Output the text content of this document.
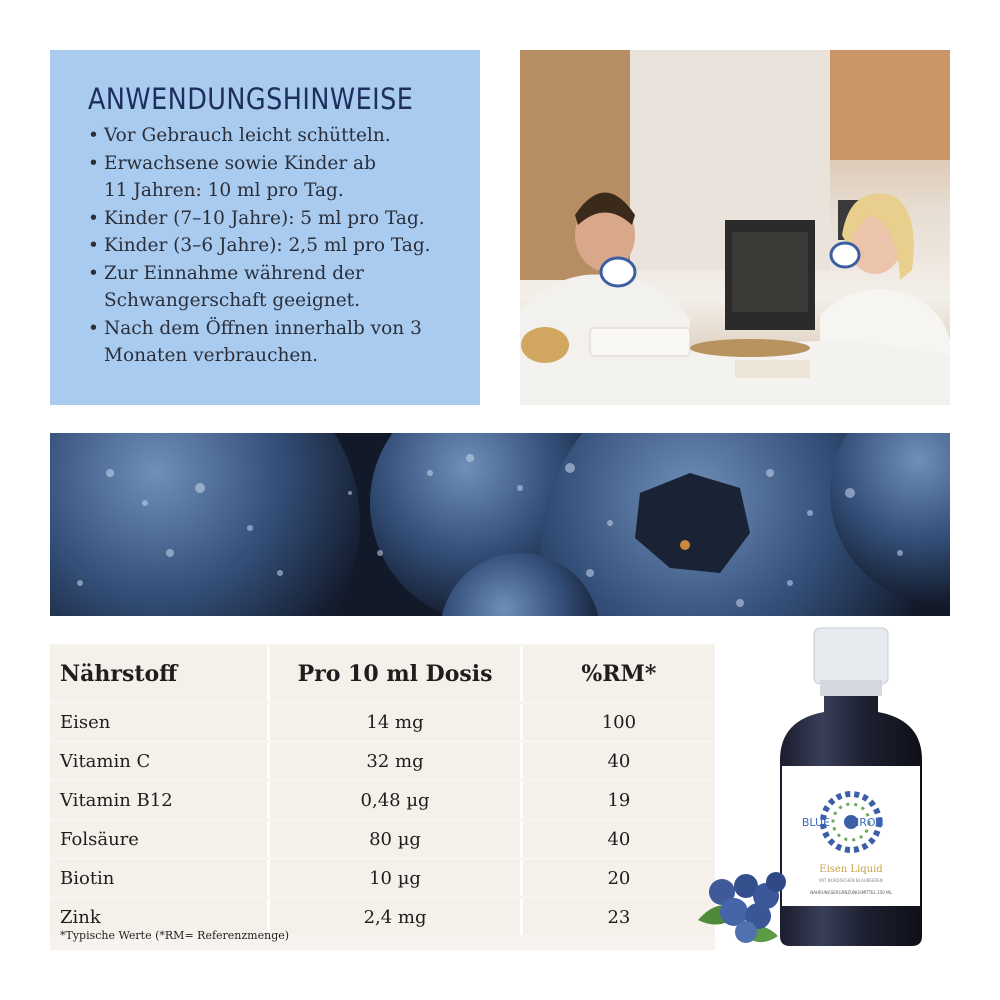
ANWENDUNGSHINWEISE
• Vor Gebrauch leicht schütteln.
• Erwachsene sowie Kinder ab 11 Jahren: 10 ml pro Tag.
• Kinder (7–10 Jahre): 5 ml pro Tag.
• Kinder (3–6 Jahre): 2,5 ml pro Tag.
• Zur Einnahme während der Schwangerschaft geeignet.
• Nach dem Öffnen innerhalb von 3 Monaten verbrauchen.
Nährstoff	Pro 10 ml Dosis	%RM*
Eisen	14 mg	100
Vitamin C	32 mg	40
Vitamin B12	0,48 µg	19
Folsäure	80 µg	40
Biotin	10 µg	20
Zink	2,4 mg	23
*Typische Werte (*RM= Referenzmenge)
BLUE IRON
Eisen Liquid
MIT NORDISCHEN BLAUBEEREN
NAHRUNGSERGÄNZUNGSMITTEL 250 ML
